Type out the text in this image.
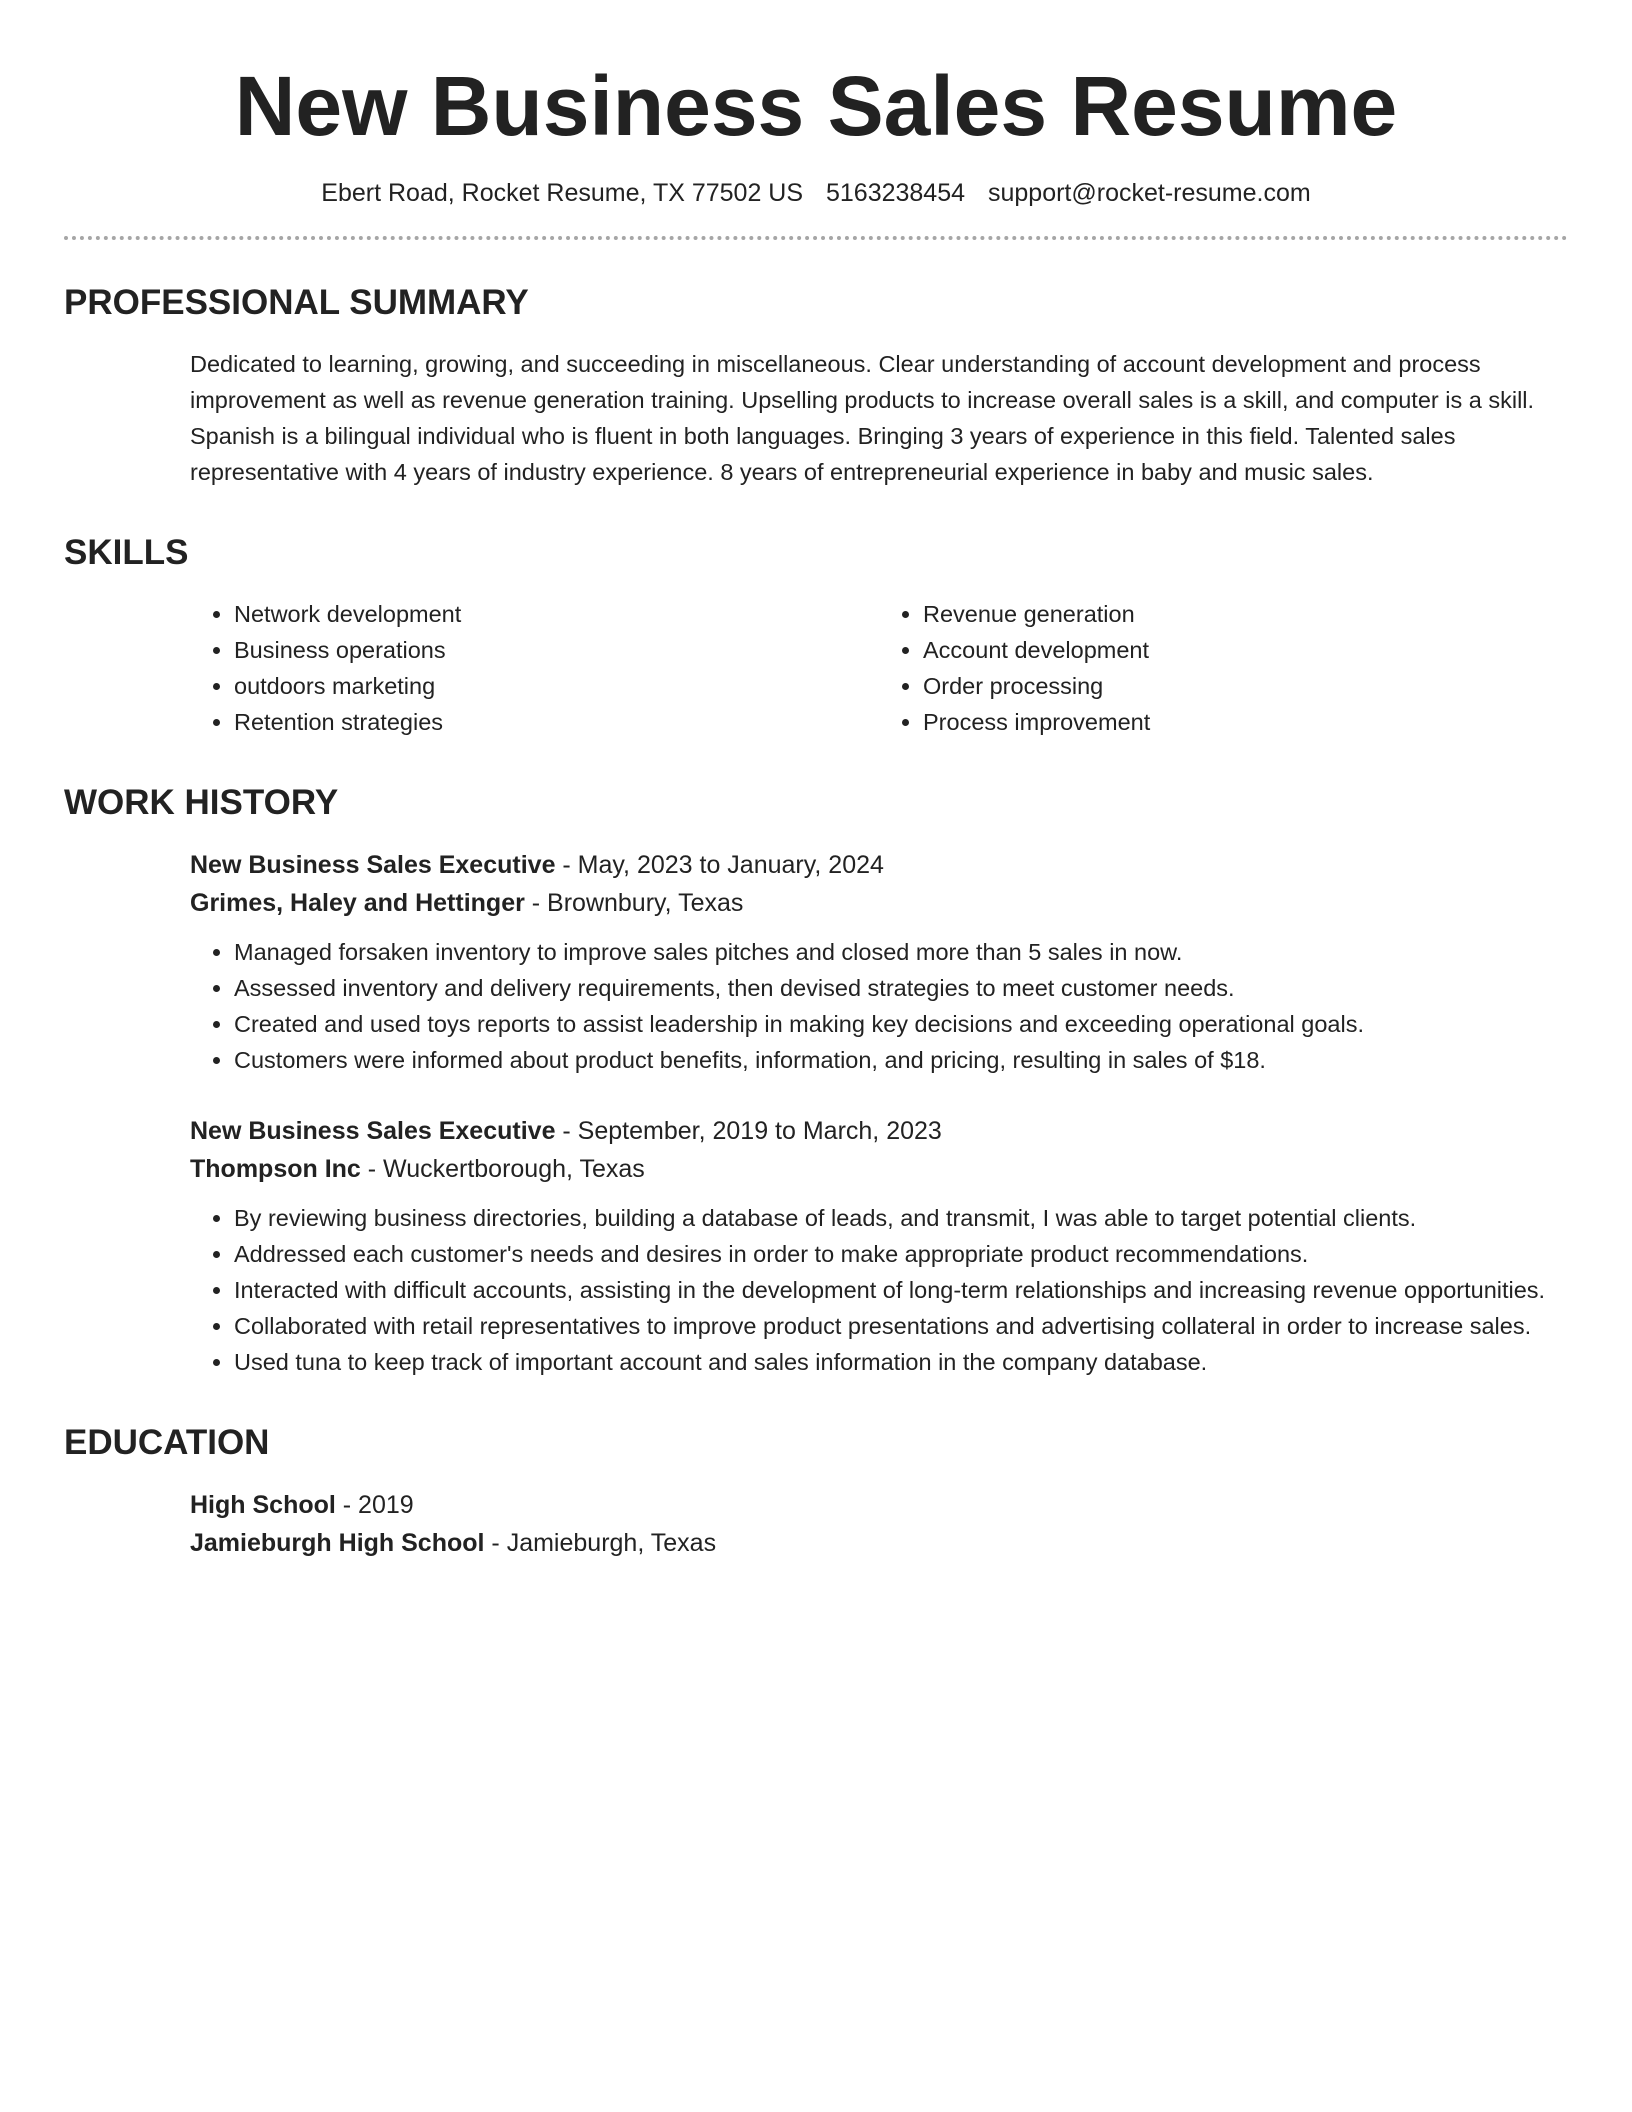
New Business Sales Resume
Ebert Road, Rocket Resume, TX 77502 US 5163238454 support@rocket-resume.com
PROFESSIONAL SUMMARY

Dedicated to learning, growing, and succeeding in miscellaneous. Clear understanding of account development and process improvement as well as revenue generation training. Upselling products to increase overall sales is a skill, and computer is a skill. Spanish is a bilingual individual who is fluent in both languages. Bringing 3 years of experience in this field. Talented sales representative with 4 years of industry experience. 8 years of entrepreneurial experience in baby and music sales.

SKILLS
• Network development
• Business operations
• outdoors marketing
• Retention strategies
• Revenue generation
• Account development
• Order processing
• Process improvement
WORK HISTORY
New Business Sales Executive - May, 2023 to January, 2024
Grimes, Haley and Hettinger - Brownbury, Texas
• Managed forsaken inventory to improve sales pitches and closed more than 5 sales in now.
• Assessed inventory and delivery requirements, then devised strategies to meet customer needs.
• Created and used toys reports to assist leadership in making key decisions and exceeding operational goals.
• Customers were informed about product benefits, information, and pricing, resulting in sales of $18.
New Business Sales Executive - September, 2019 to March, 2023
Thompson Inc - Wuckertborough, Texas
• By reviewing business directories, building a database of leads, and transmit, I was able to target potential clients.
• Addressed each customer's needs and desires in order to make appropriate product recommendations.
• Interacted with difficult accounts, assisting in the development of long-term relationships and increasing revenue opportunities.
• Collaborated with retail representatives to improve product presentations and advertising collateral in order to increase sales.
• Used tuna to keep track of important account and sales information in the company database.
EDUCATION
High School - 2019
Jamieburgh High School - Jamieburgh, Texas
